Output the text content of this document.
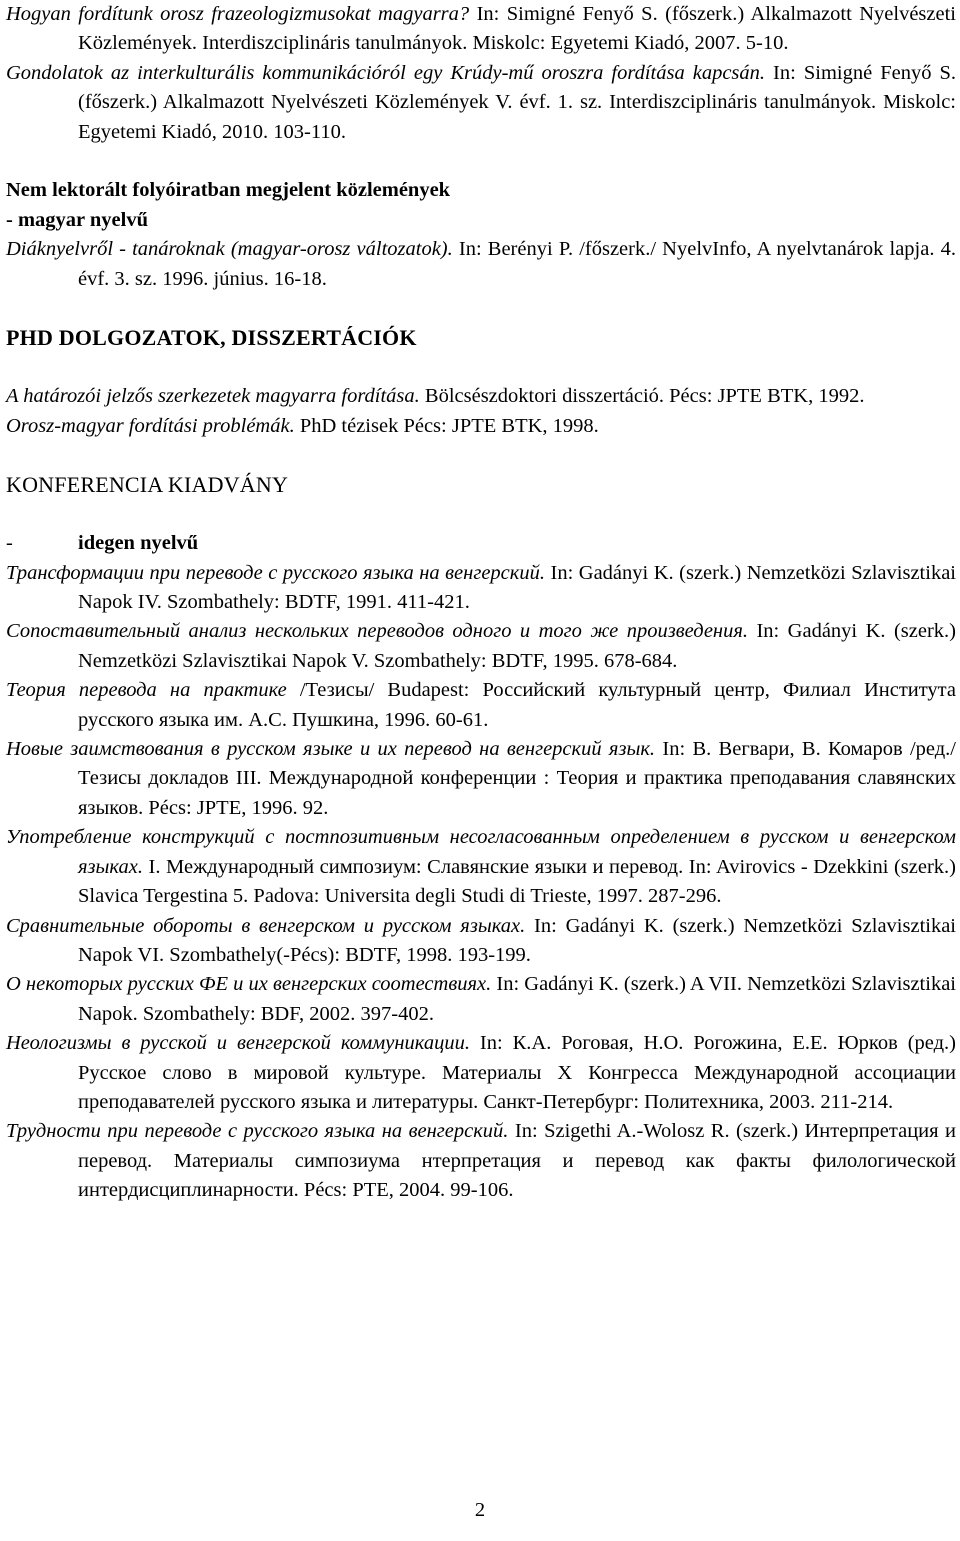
Hogyan fordítunk orosz frazeologizmusokat magyarra? In: Simigné Fenyő S. (főszerk.) Alkalmazott Nyelvészeti Közlemények. Interdiszciplináris tanulmányok. Miskolc: Egyetemi Kiadó, 2007. 5-10.

Gondolatok az interkulturális kommunikációról egy Krúdy-mű oroszra fordítása kapcsán. In: Simigné Fenyő S. (főszerk.) Alkalmazott Nyelvészeti Közlemények V. évf. 1. sz. Interdiszciplináris tanulmányok. Miskolc: Egyetemi Kiadó, 2010. 103-110.

Nem lektorált folyóiratban megjelent közlemények

- magyar nyelvű

Diáknyelvről - tanároknak (magyar-orosz változatok). In: Berényi P. /főszerk./ NyelvInfo, A nyelvtanárok lapja. 4. évf. 3. sz. 1996. június. 16-18.

PHD DOLGOZATOK, DISSZERTÁCIÓK

A határozói jelzős szerkezetek magyarra fordítása. Bölcsészdoktori disszertáció. Pécs: JPTE BTK, 1992.

Orosz-magyar fordítási problémák. PhD tézisek Pécs: JPTE BTK, 1998.

KONFERENCIA KIADVÁNY

-	idegen nyelvű

Трансформации при переводе с русского языка на венгерский. In: Gadányi K. (szerk.) Nemzetközi Szlavisztikai Napok IV. Szombathely: BDTF, 1991. 411-421.

Сопоставительный анализ нескольких переводов одного и того же произведения. In: Gadányi K. (szerk.) Nemzetközi Szlavisztikai Napok V. Szombathely: BDTF, 1995. 678-684.

Теория перевода на практике /Тезисы/ Budapest: Российский культурный центр, Филиал Института русского языка им. А.С. Пушкина, 1996. 60-61.

Новые заимствования в русском языке и их перевод на венгерский язык. In: В. Вегвари, В. Комаров /ред./ Тезисы докладов III. Международной конференции : Теория и практика преподавания славянских языков. Pécs: JPTE, 1996. 92.

Употребление конструкций с постпозитивным несогласованным определением в русском и венгерском языках. I. Международный симпозиум: Славянские языки и перевод. In: Avirovics - Dzekkini (szerk.) Slavica Tergestina 5. Padova: Universita degli Studi di Trieste, 1997. 287-296.

Сравнительные обороты в венгерском и русском языках. In: Gadányi K. (szerk.) Nemzetközi Szlavisztikai Napok VI. Szombathely(-Pécs): BDTF, 1998. 193-199.

О некоторых русских ФЕ и их венгерских соотествиях. In: Gadányi K. (szerk.) A VII. Nemzetközi Szlavisztikai Napok. Szombathely: BDF, 2002. 397-402.

Неологизмы в русской и венгерской коммуникации. In: К.А. Роговая, Н.О. Рогожина, Е.Е. Юрков (ред.) Русское слово в мировой культуре. Материалы X Конгресса Международной ассоциации преподавателей русского языка и литературы. Санкт-Петербург: Политехника, 2003. 211-214.

Трудности при переводе с русского языка на венгерский. In: Szigethi A.-Wolosz R. (szerk.) Интерпретация и перевод. Материалы симпозиума нтерпретация и перевод как факты филологической интердисциплинарности. Pécs: PTE, 2004. 99-106.

2
